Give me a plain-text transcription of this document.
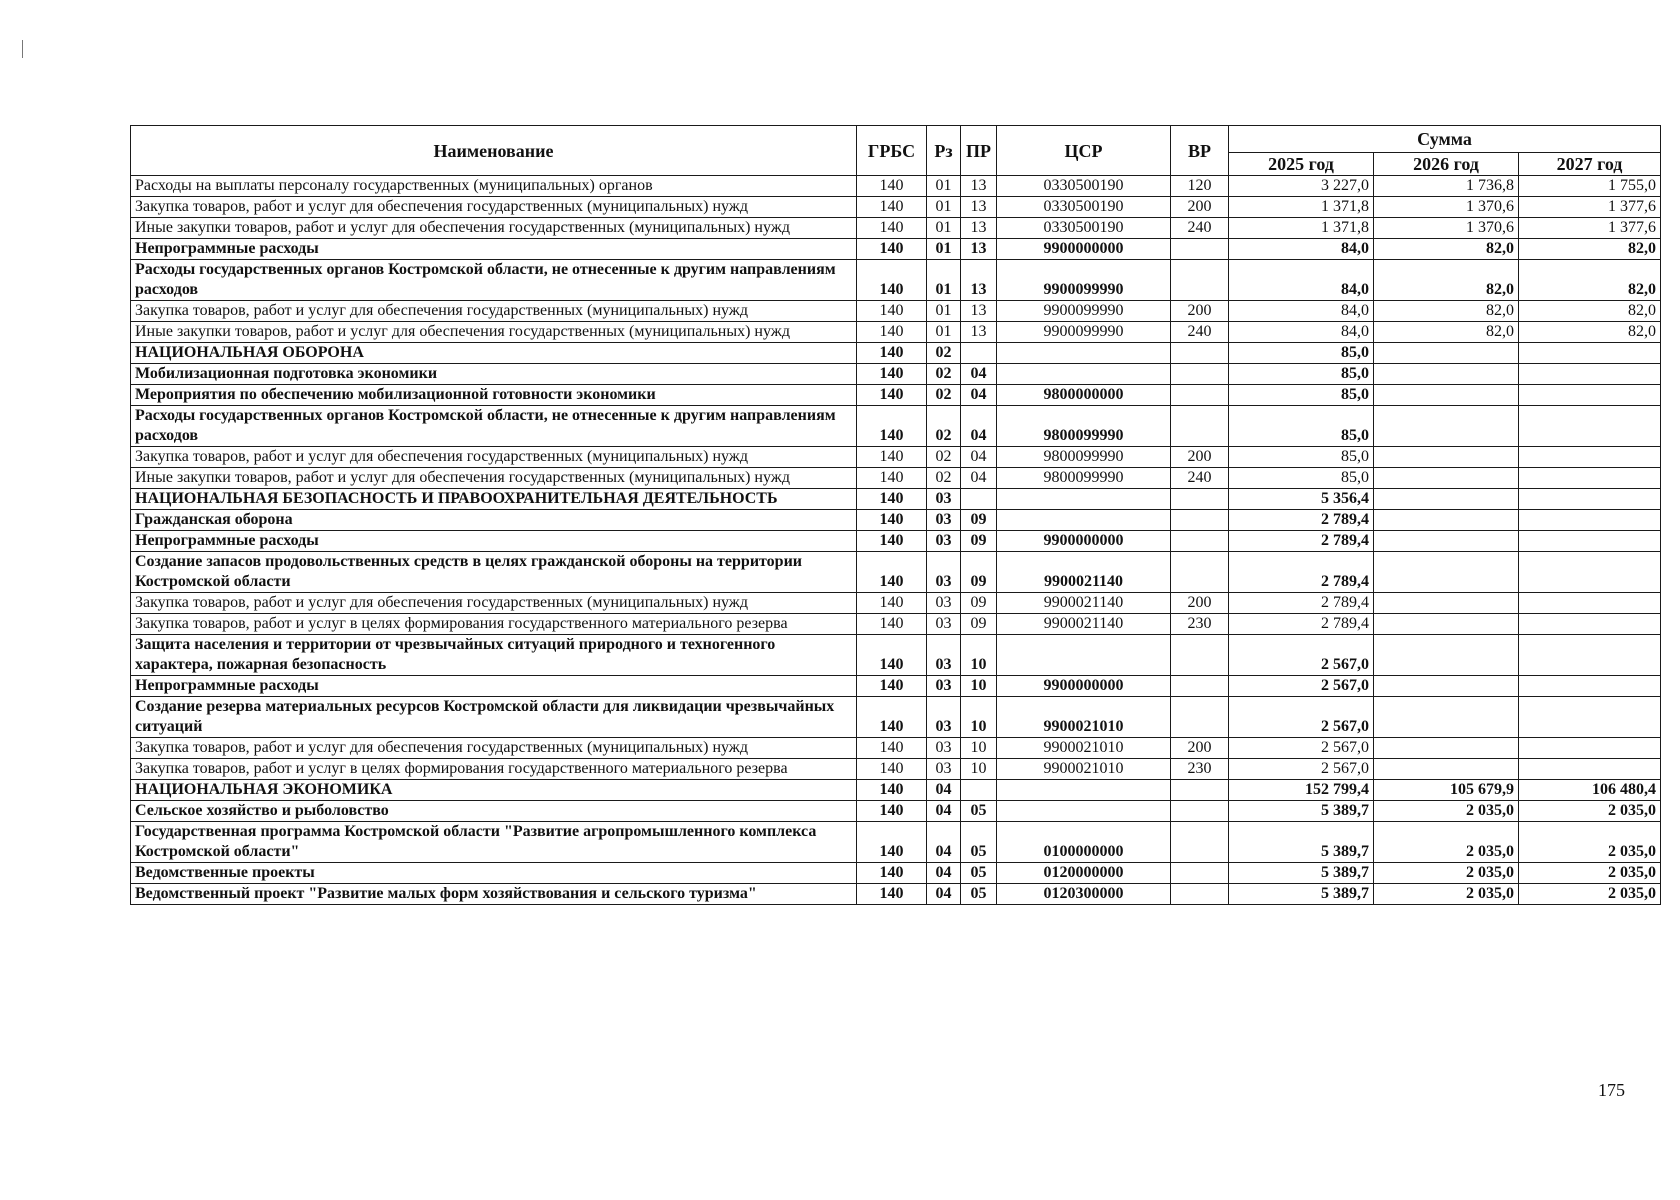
Наименование	ГРБС	Рз	ПР	ЦСР	ВР	Сумма		
						2025 год	2026 год	2027 год
Расходы на выплаты персоналу государственных (муниципальных) органов	140	01	13	0330500190	120	3 227,0	1 736,8	1 755,0
Закупка товаров, работ и услуг для обеспечения государственных (муниципальных) нужд	140	01	13	0330500190	200	1 371,8	1 370,6	1 377,6
Иные закупки товаров, работ и услуг для обеспечения государственных (муниципальных) нужд	140	01	13	0330500190	240	1 371,8	1 370,6	1 377,6
Непрограммные расходы	140	01	13	9900000000		84,0	82,0	82,0
Расходы государственных органов Костромской области, не отнесенные к другим направлениям расходов	140	01	13	9900099990		84,0	82,0	82,0
Закупка товаров, работ и услуг для обеспечения государственных (муниципальных) нужд	140	01	13	9900099990	200	84,0	82,0	82,0
Иные закупки товаров, работ и услуг для обеспечения государственных (муниципальных) нужд	140	01	13	9900099990	240	84,0	82,0	82,0
НАЦИОНАЛЬНАЯ ОБОРОНА	140	02				85,0		
Мобилизационная подготовка экономики	140	02	04			85,0		
Мероприятия по обеспечению мобилизационной готовности экономики	140	02	04	9800000000		85,0		
Расходы государственных органов Костромской области, не отнесенные к другим направлениям расходов	140	02	04	9800099990		85,0		
Закупка товаров, работ и услуг для обеспечения государственных (муниципальных) нужд	140	02	04	9800099990	200	85,0		
Иные закупки товаров, работ и услуг для обеспечения государственных (муниципальных) нужд	140	02	04	9800099990	240	85,0		
НАЦИОНАЛЬНАЯ БЕЗОПАСНОСТЬ И ПРАВООХРАНИТЕЛЬНАЯ ДЕЯТЕЛЬНОСТЬ	140	03				5 356,4		
Гражданская оборона	140	03	09			2 789,4		
Непрограммные расходы	140	03	09	9900000000		2 789,4		
Создание запасов продовольственных средств в целях гражданской обороны на территории Костромской области	140	03	09	9900021140		2 789,4		
Закупка товаров, работ и услуг для обеспечения государственных (муниципальных) нужд	140	03	09	9900021140	200	2 789,4		
Закупка товаров, работ и услуг в целях формирования государственного материального резерва	140	03	09	9900021140	230	2 789,4		
Защита населения и территории от чрезвычайных ситуаций природного и техногенного характера, пожарная безопасность	140	03	10			2 567,0		
Непрограммные расходы	140	03	10	9900000000		2 567,0		
Создание резерва материальных ресурсов Костромской области для ликвидации чрезвычайных ситуаций	140	03	10	9900021010		2 567,0		
Закупка товаров, работ и услуг для обеспечения государственных (муниципальных) нужд	140	03	10	9900021010	200	2 567,0		
Закупка товаров, работ и услуг в целях формирования государственного материального резерва	140	03	10	9900021010	230	2 567,0		
НАЦИОНАЛЬНАЯ ЭКОНОМИКА	140	04				152 799,4	105 679,9	106 480,4
Сельское хозяйство и рыболовство	140	04	05			5 389,7	2 035,0	2 035,0
Государственная программа Костромской области "Развитие агропромышленного комплекса Костромской области"	140	04	05	0100000000		5 389,7	2 035,0	2 035,0
Ведомственные проекты	140	04	05	0120000000		5 389,7	2 035,0	2 035,0
Ведомственный проект "Развитие малых форм хозяйствования и сельского туризма"	140	04	05	0120300000		5 389,7	2 035,0	2 035,0
175
